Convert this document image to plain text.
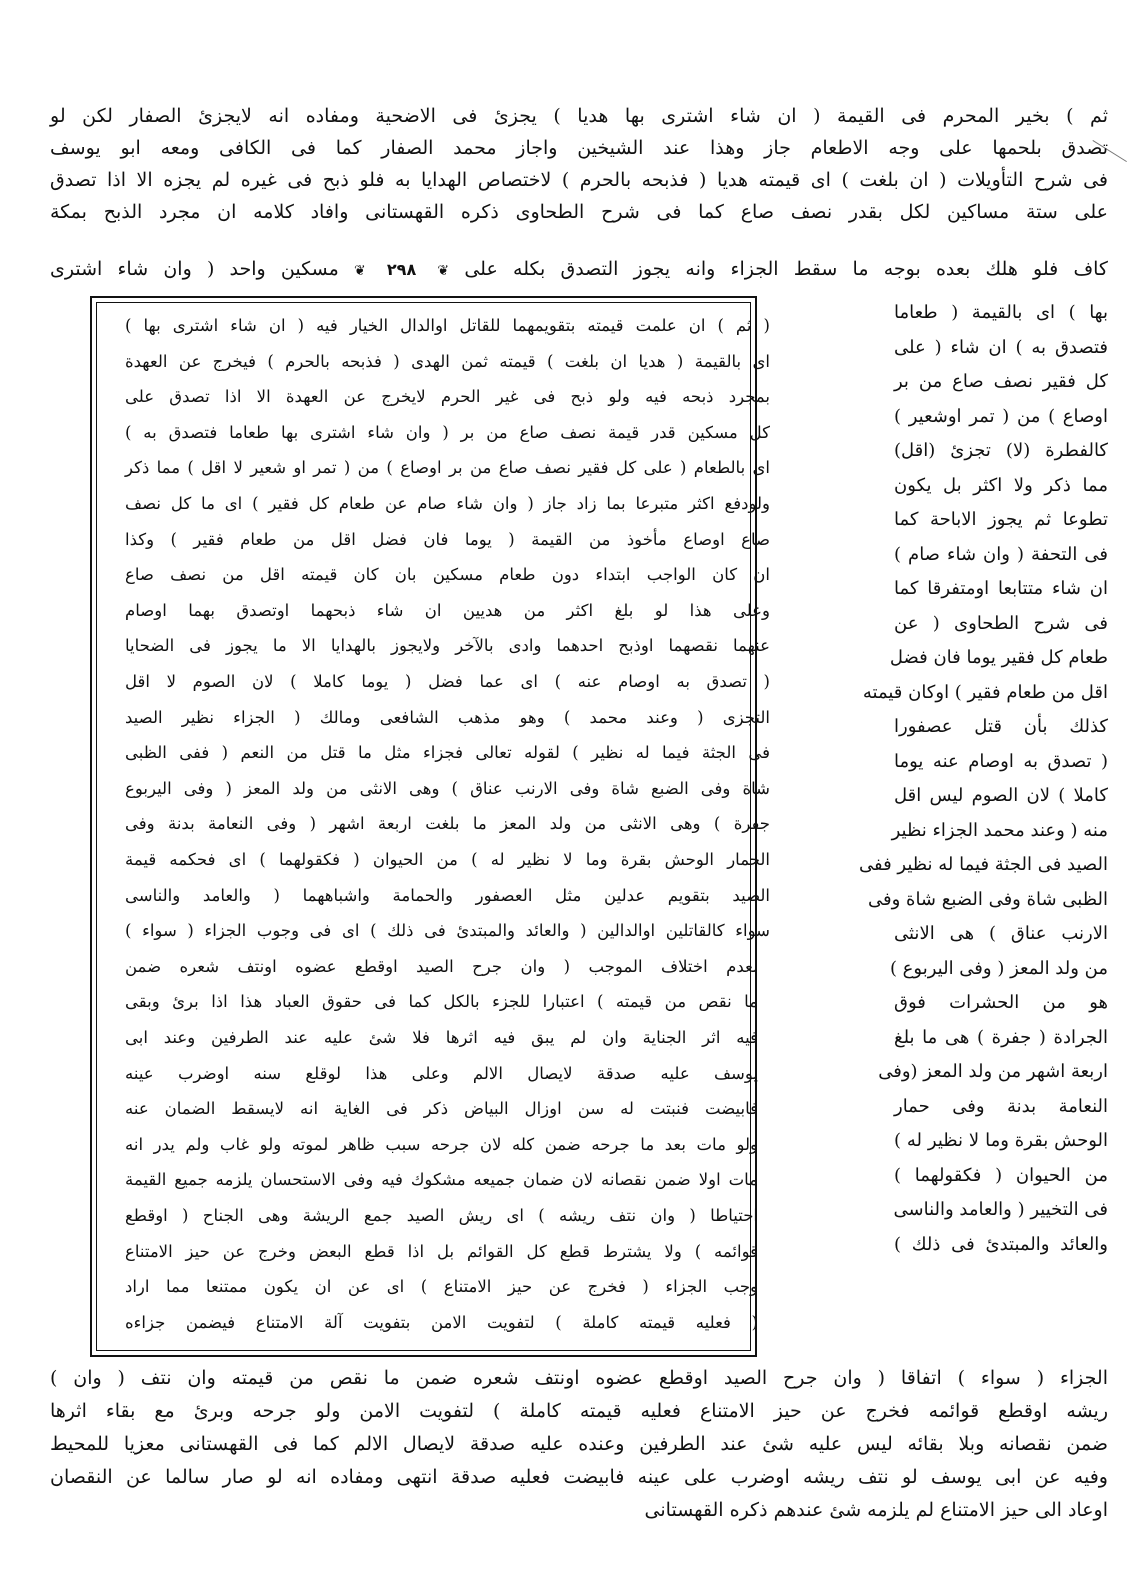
ثم ) بخير المحرم فى القيمة ( ان شاء اشترى بها هديا ) يجزئ فى الاضحية ومفاده انه لايجزئ الصفار لكن لو
تصدق بلحمها على وجه الاطعام جاز وهذا عند الشيخين واجاز محمد الصفار كما فى الكافى ومعه ابو يوسف
فى شرح التأويلات ( ان بلغت ) اى قيمته هديا ( فذبحه بالحرم ) لاختصاص الهدايا به فلو ذبح فى غيره لم يجزه الا اذا تصدق
على ستة مساكين لكل بقدر نصف صاع كما فى شرح الطحاوى ذكره القهستانى وافاد كلامه ان مجرد الذبح بمكة
كاف فلو هلك بعده بوجه ما سقط الجزاء وانه يجوز التصدق بكله على ❦ ٢٩٨ ❦ مسكين واحد ( وان شاء اشترى
( ثم ) ان علمت قيمته بتقويمهما للقاتل اوالدال الخيار فيه ( ان شاء اشترى بها )
اى بالقيمة ( هديا ان بلغت ) قيمته ثمن الهدى ( فذبحه بالحرم ) فيخرج عن العهدة
بمجرد ذبحه فيه ولو ذبح فى غير الحرم لايخرج عن العهدة الا اذا تصدق على
كل مسكين قدر قيمة نصف صاع من بر ( وان شاء اشترى بها طعاما فتصدق به )
اى بالطعام ( على كل فقير نصف صاع من بر اوصاع ) من ( تمر او شعير لا اقل ) مما ذكر
ولودفع اكثر متبرعا بما زاد جاز ( وان شاء صام عن طعام كل فقير ) اى ما كل نصف
صاع اوصاع مأخوذ من القيمة ( يوما فان فضل اقل من طعام فقير ) وكذا
ان كان الواجب ابتداء دون طعام مسكين بان كان قيمته اقل من نصف صاع
وعلى هذا لو بلغ اكثر من هديين ان شاء ذبحهما اوتصدق بهما اوصام
عنهما نقصهما اوذبح احدهما وادى بالآخر ولايجوز بالهدايا الا ما يجوز فى الضحايا
( تصدق به اوصام عنه ) اى عما فضل ( يوما كاملا ) لان الصوم لا اقل
التجزى ( وعند محمد ) وهو مذهب الشافعى ومالك ( الجزاء نظير الصيد
فى الجثة فيما له نظير ) لقوله تعالى فجزاء مثل ما قتل من النعم ( ففى الظبى
شاة وفى الضبع شاة وفى الارنب عناق ) وهى الانثى من ولد المعز ( وفى اليربوع
جفرة ) وهى الانثى من ولد المعز ما بلغت اربعة اشهر ( وفى النعامة بدنة وفى
الحمار الوحش بقرة وما لا نظير له ) من الحيوان ( فكقولهما ) اى فحكمه قيمة
الصيد بتقويم عدلين مثل العصفور والحمامة واشباههما ( والعامد والناسى
سواء كالقاتلين اوالدالين ( والعائد والمبتدئ فى ذلك ) اى فى وجوب الجزاء ( سواء )
لعدم اختلاف الموجب ( وان جرح الصيد اوقطع عضوه اونتف شعره ضمن
ما نقص من قيمته ) اعتبارا للجزء بالكل كما فى حقوق العباد هذا اذا برئ وبقى
فيه اثر الجناية وان لم يبق فيه اثرها فلا شئ عليه عند الطرفين وعند ابى
يوسف عليه صدقة لايصال الالم وعلى هذا لوقلع سنه اوضرب عينه
فابيضت فنبتت له سن اوزال البياض ذكر فى الغاية انه لايسقط الضمان عنه
ولو مات بعد ما جرحه ضمن كله لان جرحه سبب ظاهر لموته ولو غاب ولم يدر انه
مات اولا ضمن نقصانه لان ضمان جميعه مشكوك فيه وفى الاستحسان يلزمه جميع القيمة
احتياطا ( وان نتف ريشه ) اى ريش الصيد جمع الريشة وهى الجناح ( اوقطع
قوائمه ) ولا يشترط قطع كل القوائم بل اذا قطع البعض وخرج عن حيز الامتناع
وجب الجزاء ( فخرج عن حيز الامتناع ) اى عن ان يكون ممتنعا مما اراد
( فعليه قيمته كاملة ) لتفويت الامن بتفويت آلة الامتناع فيضمن جزاءه
بها ) اى بالقيمة ( طعاما
فتصدق به ) ان شاء ( على
كل فقير نصف صاع من بر
اوصاع ) من ( تمر اوشعير )
كالفطرة (لا) تجزئ (اقل)
مما ذكر ولا اكثر بل يكون
تطوعا ثم يجوز الاباحة كما
فى التحفة ( وان شاء صام )
ان شاء متتابعا اومتفرقا كما
فى شرح الطحاوى ( عن
طعام كل فقير يوما فان فضل
اقل من طعام فقير ) اوكان قيمته
كذلك بأن قتل عصفورا
( تصدق به اوصام عنه يوما
كاملا ) لان الصوم ليس اقل
منه ( وعند محمد الجزاء نظير
الصيد فى الجثة فيما له نظير ففى
الظبى شاة وفى الضبع شاة وفى
الارنب عناق ) هى الانثى
من ولد المعز ( وفى اليربوع )
هو من الحشرات فوق
الجرادة ( جفرة ) هى ما بلغ
اربعة اشهر من ولد المعز (وفى
النعامة بدنة وفى حمار
الوحش بقرة وما لا نظير له )
من الحيوان ( فكقولهما )
فى التخيير ( والعامد والناسى
والعائد والمبتدئ فى ذلك )
الجزاء ( سواء ) اتفاقا ( وان جرح الصيد اوقطع عضوه اونتف شعره ضمن ما نقص من قيمته وان نتف ( وان )
ريشه اوقطع قوائمه فخرج عن حيز الامتناع فعليه قيمته كاملة ) لتفويت الامن ولو جرحه وبرئ مع بقاء اثرها
ضمن نقصانه وبلا بقائه ليس عليه شئ عند الطرفين وعنده عليه صدقة لايصال الالم كما فى القهستانى معزيا للمحيط
وفيه عن ابى يوسف لو نتف ريشه اوضرب على عينه فابيضت فعليه صدقة انتهى ومفاده انه لو صار سالما عن النقصان
اوعاد الى حيز الامتناع لم يلزمه شئ عندهم ذكره القهستانى
